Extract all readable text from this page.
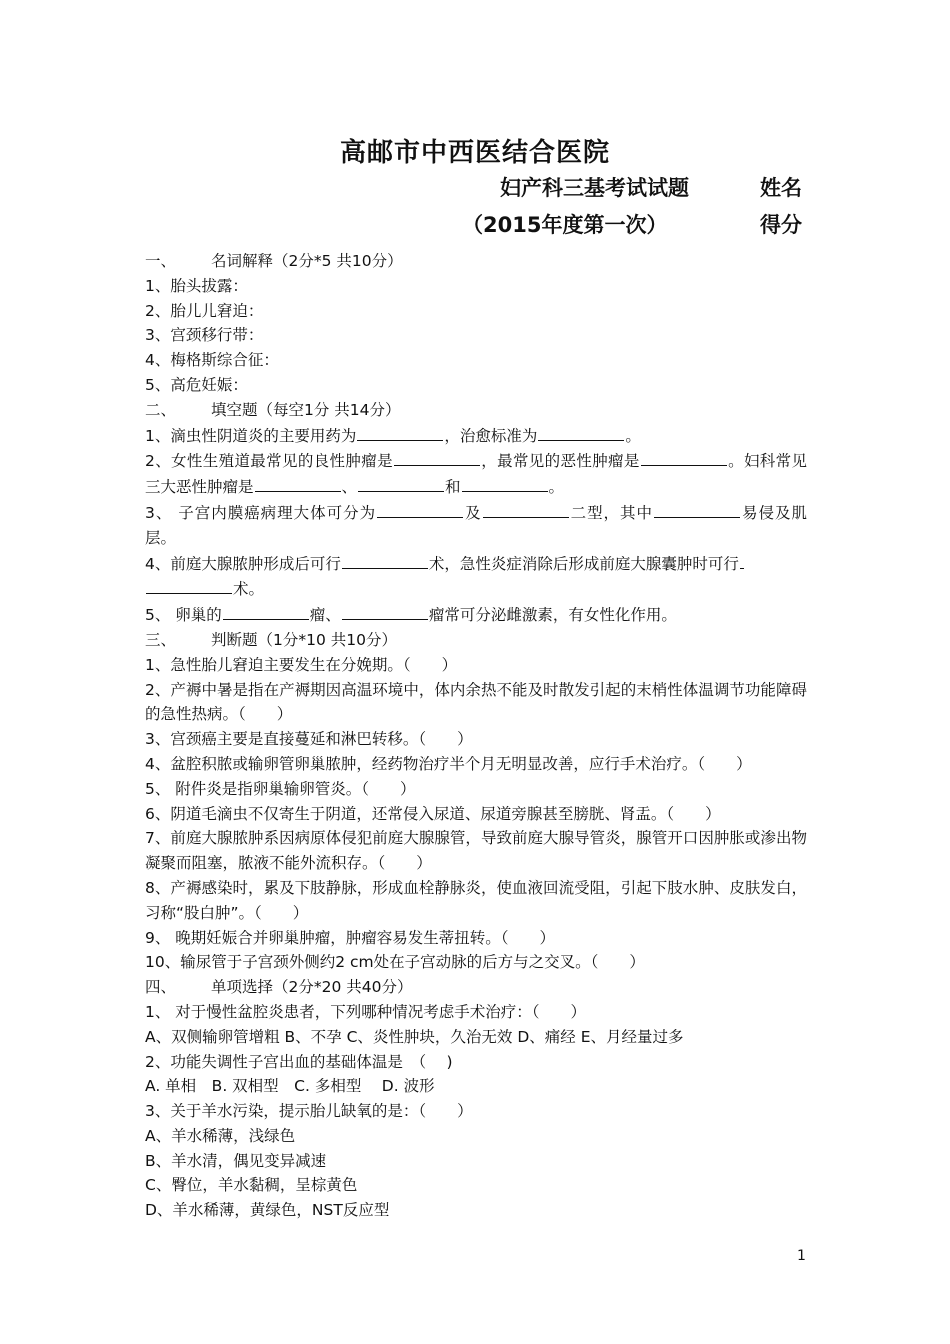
高邮市中西医结合医院
妇产科三基考试试题	姓名
（2015年度第一次）	得分
一、 名词解释（2分*5 共10分）
1、胎头拔露：
2、胎儿儿窘迫：
3、宫颈移行带：
4、梅格斯综合征：
5、高危妊娠：
二、 填空题（每空1分 共14分）
1、滴虫性阴道炎的主要用药为	，治愈标准为	。
2、女性生殖道最常见的良性肿瘤是	，最常见的恶性肿瘤是	。妇科常见三大恶性肿瘤是	、	和	。
3、 子宫内膜癌病理大体可分为	及	二型，其中	易侵及肌层。
4、前庭大腺脓肿形成后可行	术，急性炎症消除后形成前庭大腺囊肿时可行
术。
5、 卵巢的	瘤、	瘤常可分泌雌激素，有女性化作用。
三、 判断题（1分*10 共10分）
1、急性胎儿窘迫主要发生在分娩期。（　　）
2、产褥中暑是指在产褥期因高温环境中，体内余热不能及时散发引起的末梢性体温调节功能障碍的急性热病。（　　）
3、宫颈癌主要是直接蔓延和淋巴转移。（　　）
4、盆腔积脓或输卵管卵巢脓肿，经药物治疗半个月无明显改善，应行手术治疗。（　　）
5、 附件炎是指卵巢输卵管炎。（　　）
6、阴道毛滴虫不仅寄生于阴道，还常侵入尿道、尿道旁腺甚至膀胱、肾盂。（　　）
7、前庭大腺脓肿系因病原体侵犯前庭大腺腺管，导致前庭大腺导管炎，腺管开口因肿胀或渗出物凝聚而阻塞，脓液不能外流积存。（　　）
8、产褥感染时，累及下肢静脉，形成血栓静脉炎，使血液回流受阻，引起下肢水肿、皮肤发白，习称“股白肿”。（　　）
9、 晚期妊娠合并卵巢肿瘤，肿瘤容易发生蒂扭转。（　　）
10、输尿管于子宫颈外侧约2 cm处在子宫动脉的后方与之交叉。（　　）
四、 单项选择（2分*20 共40分）
1、 对于慢性盆腔炎患者，下列哪种情况考虑手术治疗：（　　）
A、双侧输卵管增粗 B、不孕 C、炎性肿块，久治无效 D、痛经 E、月经量过多
2、功能失调性子宫出血的基础体温是　（　 )
A. 单相　B. 双相型　C. 多相型　 D. 波形
3、关于羊水污染，提示胎儿缺氧的是：（　　）
A、羊水稀薄，浅绿色
B、羊水清，偶见变异减速
C、臀位，羊水黏稠，呈棕黄色
D、羊水稀薄，黄绿色，NST反应型
1
